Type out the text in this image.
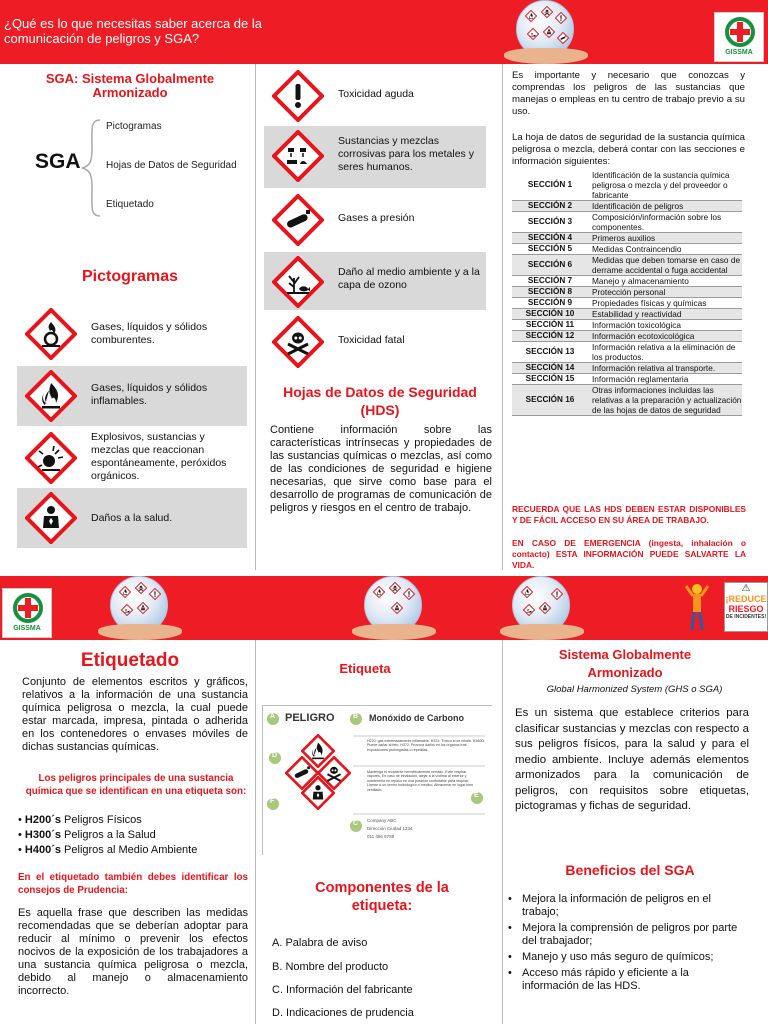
¿Qué es lo que necesitas saber acerca de la comunicación de peligros y SGA?
GISSMA
SGA: Sistema Globalmente Armonizado
SGA
Pictogramas
Hojas de Datos de Seguridad
Etiquetado
Pictogramas
Gases, líquidos y sólidos comburentes.
Gases, líquidos y sólidos inflamables.
Explosivos, sustancias y mezclas que reaccionan espontáneamente, peróxidos orgánicos.
Daños a la salud.
Toxicidad aguda
Sustancias y mezclas corrosivas para los metales y seres humanos.
Gases a presión
Daño al medio ambiente y a la capa de ozono
Toxicidad fatal
Hojas de Datos de Seguridad (HDS)
Contiene información sobre las características intrínsecas y propiedades de las sustancias químicas o mezclas, así como de las condiciones de seguridad e higiene necesarias, que sirve como base para el desarrollo de programas de comunicación de peligros y riesgos en el centro de trabajo.
Es importante y necesario que conozcas y comprendas los peligros de las sustancias que manejas o empleas en tu centro de trabajo previo a su uso.
La hoja de datos de seguridad de la sustancia química peligrosa o mezcla, deberá contar con las secciones e información siguientes:
SECCIÓN 1	Identificación de la sustancia química peligrosa o mezcla y del proveedor o fabricante
SECCIÓN 2	Identificación de peligros
SECCIÓN 3	Composición/información sobre los componentes.
SECCIÓN 4	Primeros auxilios
SECCIÓN 5	Medidas Contraincendio
SECCIÓN 6	Medidas que deben tomarse en caso de derrame accidental o fuga accidental
SECCIÓN 7	Manejo y almacenamiento
SECCIÓN 8	Protección personal
SECCIÓN 9	Propiedades físicas y químicas
SECCIÓN 10	Estabilidad y reactividad
SECCIÓN 11	Información toxicológica
SECCIÓN 12	Información ecotoxicológica
SECCIÓN 13	Información relativa a la eliminación de los productos.
SECCIÓN 14	Información relativa al transporte.
SECCIÓN 15	Información reglamentaria
SECCIÓN 16	Otras informaciones incluidas las relativas a la preparación y actualización de las hojas de datos de seguridad
RECUERDA QUE LAS HDS DEBEN ESTAR DISPONIBLES Y DE FÁCIL ACCESO EN SU ÁREA DE TRABAJO.
EN CASO DE EMERGENCIA (ingesta, inhalación o contacto) ESTA INFORMACIÓN PUEDE SALVARTE LA VIDA.
GISSMA
⚠
¡REDUCE
RIESGO
DE INCIDENTES!
Etiquetado
Conjunto de elementos escritos y gráficos, relativos a la información de una sustancia química peligrosa o mezcla, la cual puede estar marcada, impresa, pintada o adherida en los contenedores o envases móviles de dichas sustancias químicas.
Los peligros principales de una sustancia química que se identifican en una etiqueta son:
• H200´s Peligros Físicos
• H300´s Peligros a la Salud
• H400´s Peligros al Medio Ambiente
En el etiquetado también debes identificar los consejos de Prudencia:
Es aquella frase que describen las medidas recomendadas que se deberían adoptar para reducir al mínimo o prevenir los efectos nocivos de la exposición de los trabajadores a una sustancia química peligrosa o mezcla, debido al manejo o almacenamiento incorrecto.
Etiqueta
A	B
C
D
E
F
PELIGRO	Monóxido de Carbono
H220: gas extremadamente inflamable. H331: Tóxico si se inhala. H360D: Puede dañar al feto. H372: Provoca daños en los órganos tras exposiciones prolongadas o repetidas.
Mantenga el recipiente herméticamente cerrado. Evite respirar vapores. En caso de inhalación, alejar a la víctima al exterior y mantenerla en reposo en una posición confortable para respirar. Llamar a un centro toxicológico o médico. Almacenar en lugar bien ventilado.
Company ABC
Dirección Ciudad 1234
011 456 6789
Componentes de la etiqueta:
A. Palabra de aviso
B. Nombre del producto
C. Información del fabricante
D. Indicaciones de prudencia
Sistema Globalmente Armonizado
Global Harmonized System (GHS o SGA)
Es un sistema que establece criterios para clasificar sustancias y mezclas con respecto a sus peligros físicos, para la salud y para el medio ambiente. Incluye además elementos armonizados para la comunicación de peligros, con requisitos sobre etiquetas, pictogramas y fichas de seguridad.
Beneficios del SGA
• Mejora la información de peligros en el trabajo;
• Mejora la comprensión de peligros por parte del trabajador;
• Manejo y uso más seguro de químicos;
• Acceso más rápido y eficiente a la información de las HDS.
